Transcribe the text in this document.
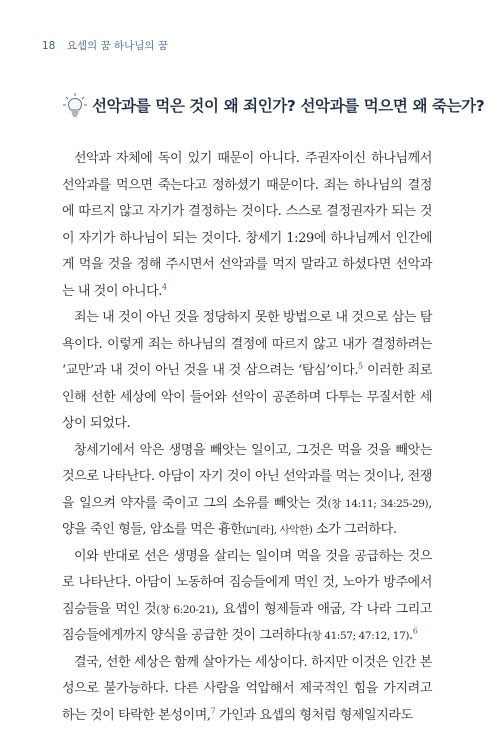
18 요셉의 꿈 하나님의 꿈
선악과를 먹은 것이 왜 죄인가? 선악과를 먹으면 왜 죽는가?

선악과 자체에 독이 있기 때문이 아니다. 주권자이신 하나님께서 선악과를 먹으면 죽는다고 정하셨기 때문이다. 죄는 하나님의 결정에 따르지 않고 자기가 결정하는 것이다. 스스로 결정권자가 되는 것이 자기가 하나님이 되는 것이다. 창세기 1:29에 하나님께서 인간에게 먹을 것을 정해 주시면서 선악과를 먹지 말라고 하셨다면 선악과는 내 것이 아니다.$^4$

죄는 내 것이 아닌 것을 정당하지 못한 방법으로 내 것으로 삼는 탐욕이다. 이렇게 죄는 하나님의 결정에 따르지 않고 내가 결정하려는 ‘교만’과 내 것이 아닌 것을 내 것 삼으려는 ‘탐심’이다.$^5$ 이러한 죄로 인해 선한 세상에 악이 들어와 선악이 공존하며 다투는 무질서한 세상이 되었다.

창세기에서 악은 생명을 빼앗는 일이고, 그것은 먹을 것을 빼앗는 것으로 나타난다. 아담이 자기 것이 아닌 선악과를 먹는 것이나, 전쟁을 일으켜 약자를 죽이고 그의 소유를 빼앗는 것(창 14:11; 34:25-29), 양을 죽인 형들, 암소를 먹은 흉한(רַע[라], 사악한) 소가 그러하다.

이와 반대로 선은 생명을 살리는 일이며 먹을 것을 공급하는 것으로 나타난다. 아담이 노동하여 짐승들에게 먹인 것, 노아가 방주에서 짐승들을 먹인 것(창 6:20-21), 요셉이 형제들과 애굽, 각 나라 그리고 짐승들에게까지 양식을 공급한 것이 그러하다(창 41:57; 47:12, 17).$^6$

결국, 선한 세상은 함께 살아가는 세상이다. 하지만 이것은 인간 본성으로 불가능하다. 다른 사람을 억압해서 제국적인 힘을 가지려고 하는 것이 타락한 본성이며,$^7$ 가인과 요셉의 형처럼 형제일지라도
